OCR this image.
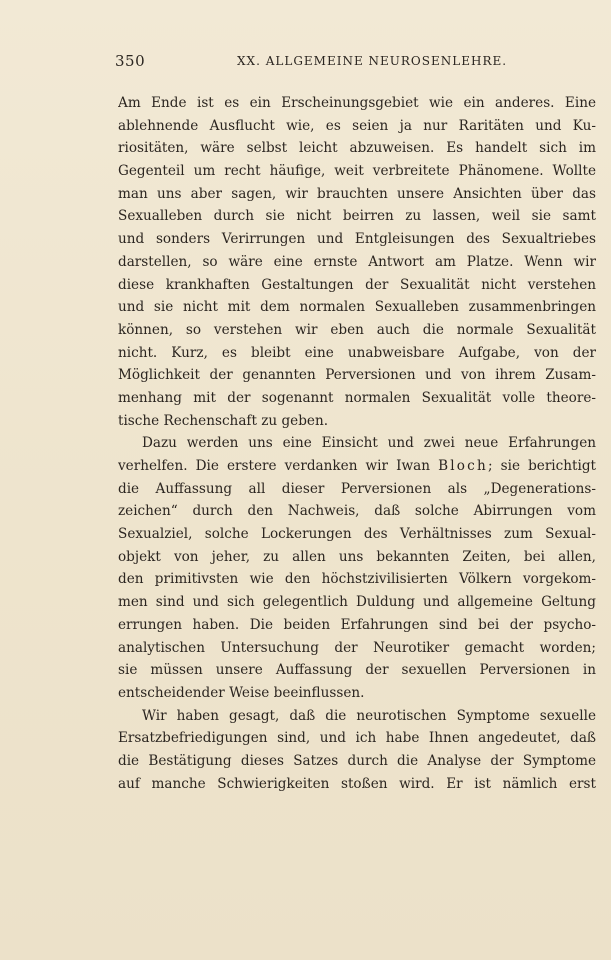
350	XX. ALLGEMEINE NEUROSENLEHRE.
Am Ende ist es ein Erscheinungsgebiet wie ein anderes. Eine
ablehnende Ausflucht wie, es seien ja nur Raritäten und Ku-
riositäten, wäre selbst leicht abzuweisen. Es handelt sich im
Gegenteil um recht häufige, weit verbreitete Phänomene. Wollte
man uns aber sagen, wir brauchten unsere Ansichten über das
Sexualleben durch sie nicht beirren zu lassen, weil sie samt
und sonders Verirrungen und Entgleisungen des Sexualtriebes
darstellen, so wäre eine ernste Antwort am Platze. Wenn wir
diese krankhaften Gestaltungen der Sexualität nicht verstehen
und sie nicht mit dem normalen Sexualleben zusammenbringen
können, so verstehen wir eben auch die normale Sexualität
nicht. Kurz, es bleibt eine unabweisbare Aufgabe, von der
Möglichkeit der genannten Perversionen und von ihrem Zusam-
menhang mit der sogenannt normalen Sexualität volle theore-
tische Rechenschaft zu geben.
Dazu werden uns eine Einsicht und zwei neue Erfahrungen
verhelfen. Die erstere verdanken wir Iwan Bloch; sie berichtigt
die Auffassung all dieser Perversionen als „Degenerations-
zeichen“ durch den Nachweis, daß solche Abirrungen vom
Sexualziel, solche Lockerungen des Verhältnisses zum Sexual-
objekt von jeher, zu allen uns bekannten Zeiten, bei allen,
den primitivsten wie den höchstzivilisierten Völkern vorgekom-
men sind und sich gelegentlich Duldung und allgemeine Geltung
errungen haben. Die beiden Erfahrungen sind bei der psycho-
analytischen Untersuchung der Neurotiker gemacht worden;
sie müssen unsere Auffassung der sexuellen Perversionen in
entscheidender Weise beeinflussen.
Wir haben gesagt, daß die neurotischen Symptome sexuelle
Ersatzbefriedigungen sind, und ich habe Ihnen angedeutet, daß
die Bestätigung dieses Satzes durch die Analyse der Symptome
auf manche Schwierigkeiten stoßen wird. Er ist nämlich erst
